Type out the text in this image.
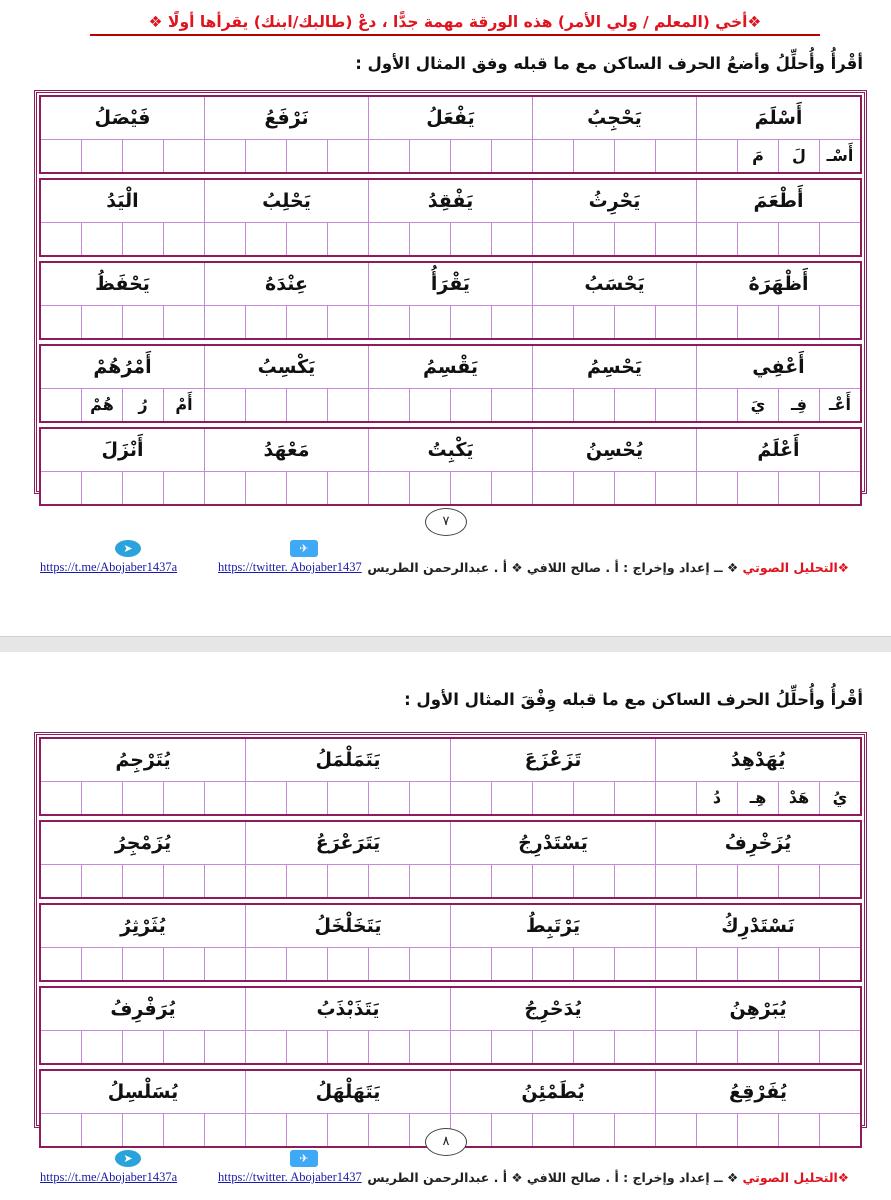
❖أخي (المعلم / ولي الأمر) هذه الورقة مهمة جدًّا ، دعْ (طالبك/ابنك) يقرأها أولًا ❖
أقْرأُ وأُحلِّلُ وأضعُ الحرف الساكن مع ما قبله وفق المثال الأول :
أَسْلَمَ
يَحْجِبُ
يَفْعَلُ
نَرْفَعُ
فَيْصَلُ
أَسْـ
لَ
مَ
أَطْعَمَ
يَحْرِثُ
يَفْقِدُ
يَحْلِبُ
الْيَدُ
أَظْهَرَهُ
يَحْسَبُ
يَقْرَأُ
عِنْدَهُ
يَحْفَظُ
أَعْفِي
يَحْسِمُ
يَقْسِمُ
يَكْسِبُ
أَمْرُهُمْ
أَعْـ
فِـ
يَ
أَمْ
رُ
هُمْ
أَعْلَمُ
يُحْسِنُ
يَكْبِتُ
مَعْهَدُ
أَنْزَلَ
٧
➤
https://t.me/Abojaber1437a
✈
https://twitter. Abojaber1437	❖التحليل الصوتي ❖ ــ إعداد وإخراج : أ . صالح اللافي ❖ أ . عبدالرحمن الطريس
أقْرأُ وأُحلِّلُ الحرف الساكن مع ما قبله وِفْقَ المثال الأول :
يُهَدْهِدُ
تَزَعْزَعَ
يَتَمَلْمَلُ
يُتَرْجِمُ
يُ
هَدْ
هِـ
دُ
يُزَخْرِفُ
يَسْتَدْرِجُ
يَتَرَعْرَعُ
يُزَمْجِرُ
نَسْتَدْرِكُ
يَرْتَبِطُ
يَتَخَلْخَلُ
يُثَرْثِرُ
يُبَرْهِنُ
يُدَحْرِجُ
يَتَذَبْذَبُ
يُرَفْرِفُ
يُفَرْقِعُ
يُطَمْئِنُ
يَتَهَلْهَلُ
يُسَلْسِلُ
٨
➤
https://t.me/Abojaber1437a
✈
https://twitter. Abojaber1437	❖التحليل الصوتي ❖ ــ إعداد وإخراج : أ . صالح اللافي ❖ أ . عبدالرحمن الطريس
